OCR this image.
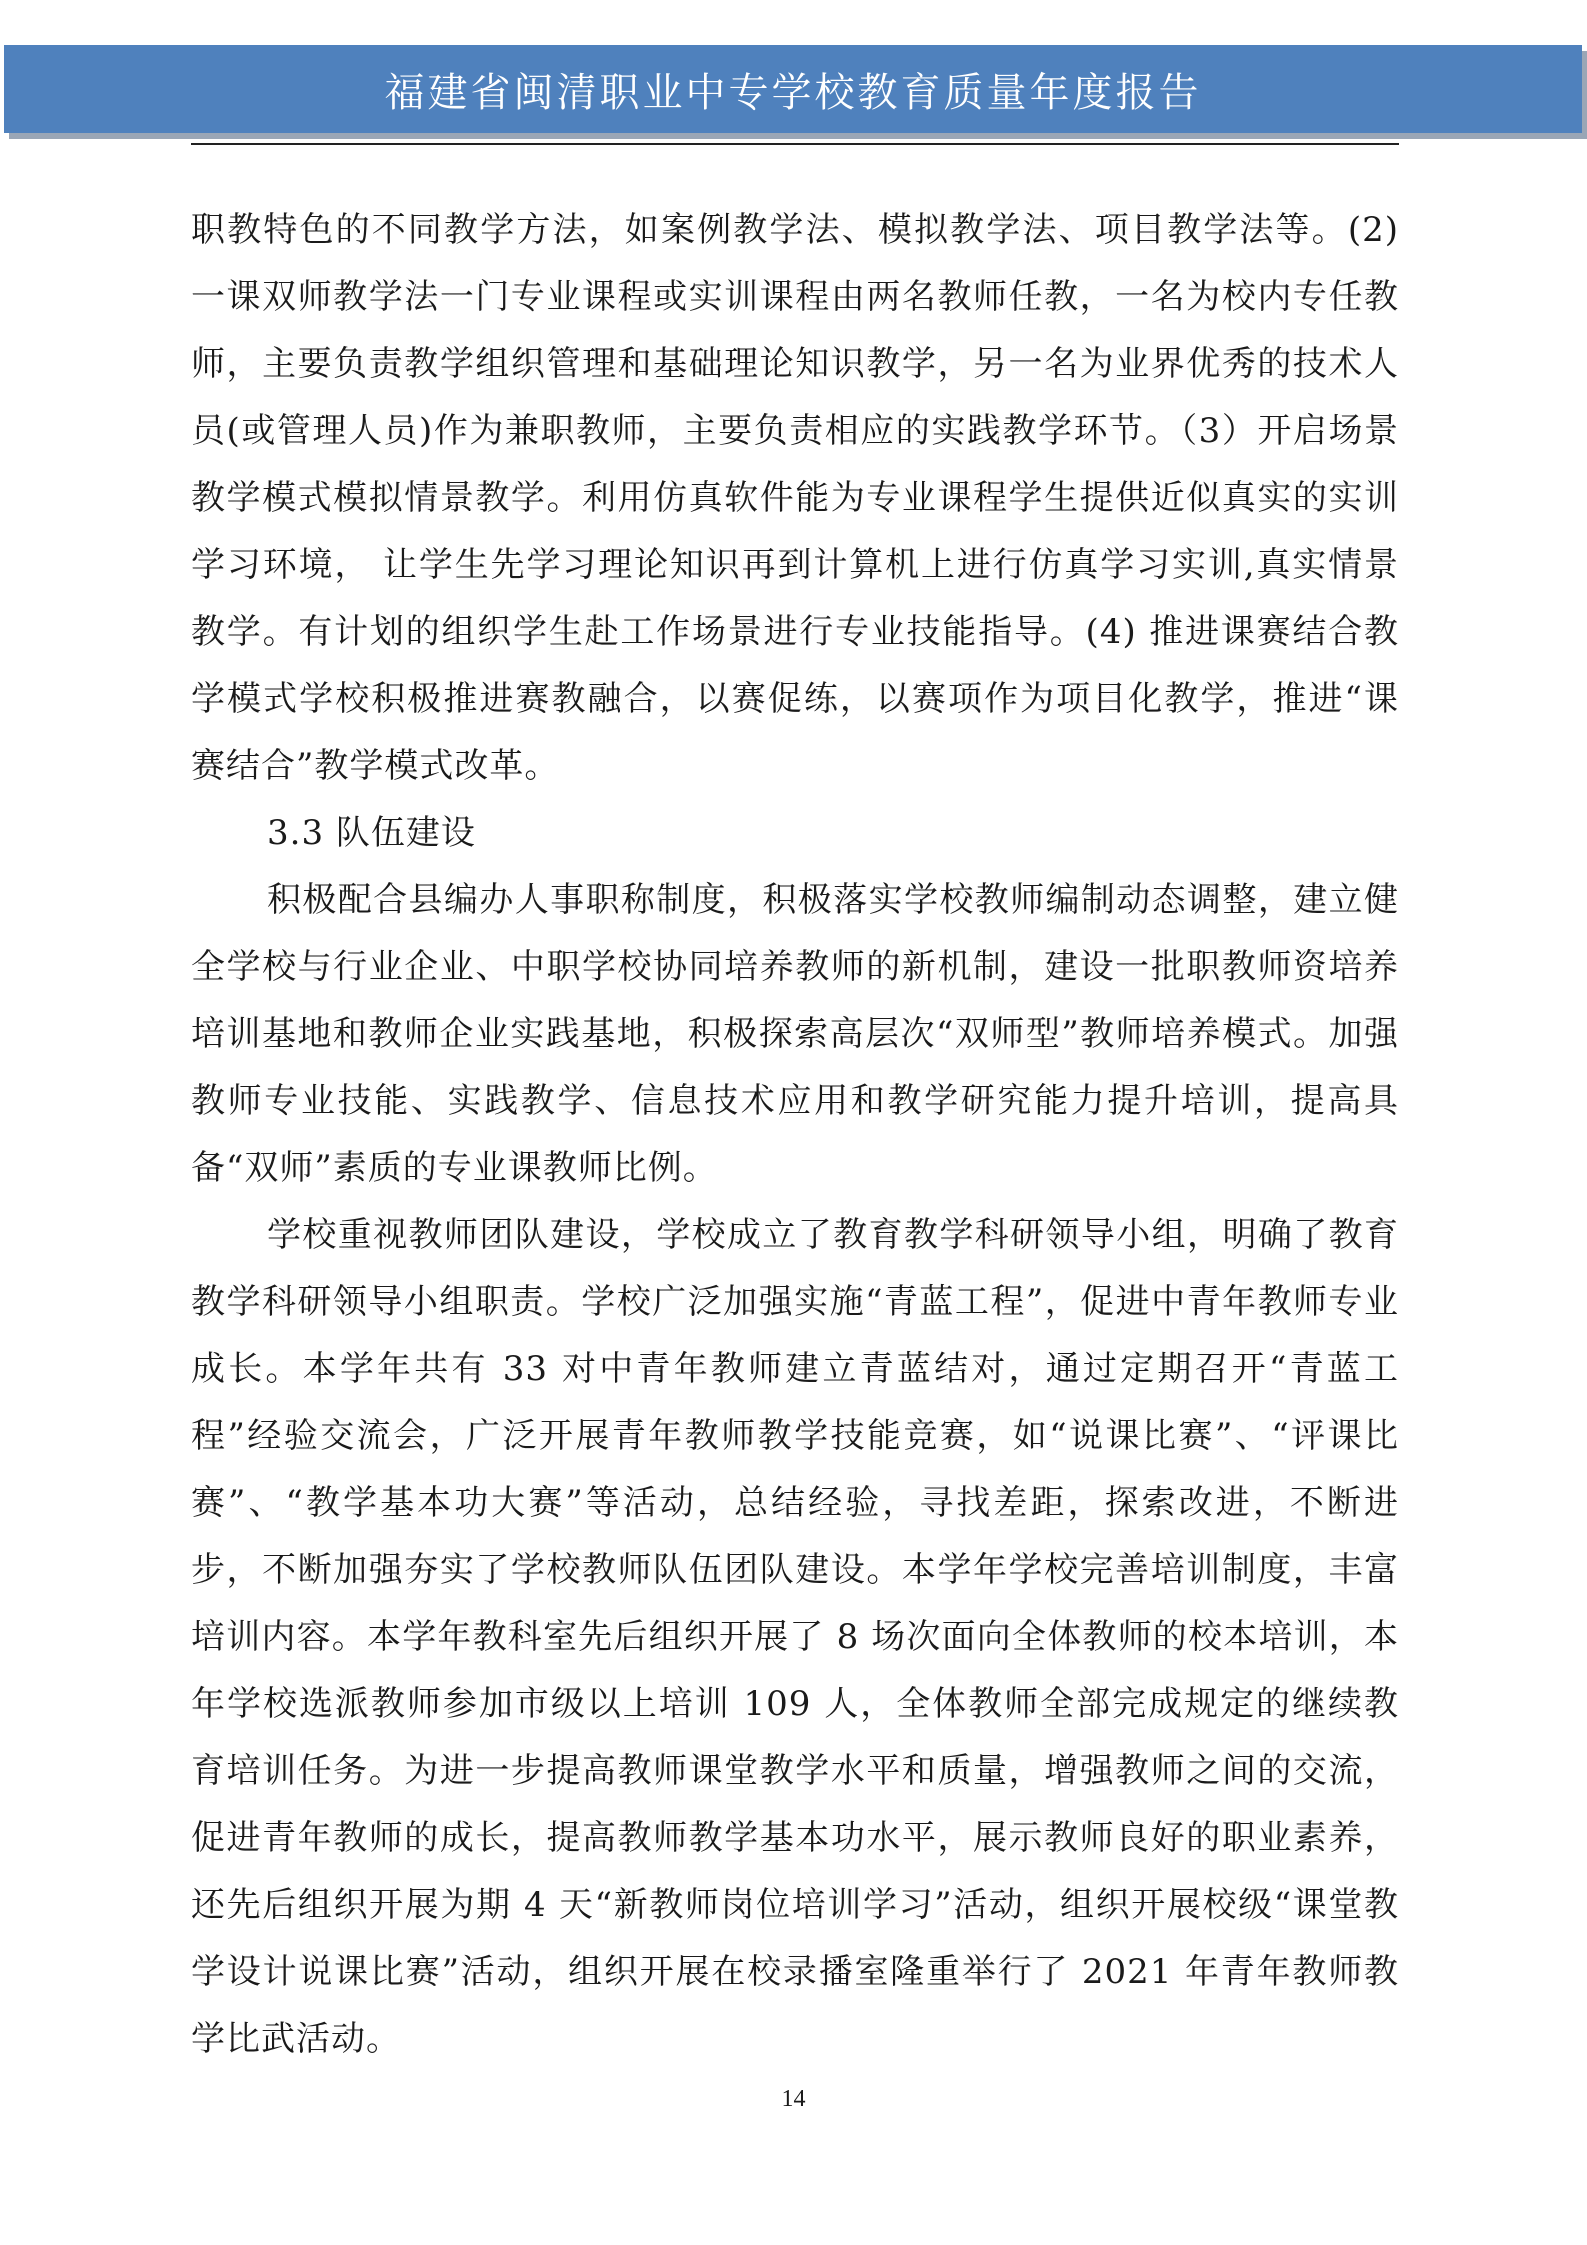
福建省闽清职业中专学校教育质量年度报告

职教特色的不同教学方法，如案例教学法、模拟教学法、项目教学法等。(2) 一课双师教学法一门专业课程或实训课程由两名教师任教，一名为校内专任教师，主要负责教学组织管理和基础理论知识教学，另一名为业界优秀的技术人员(或管理人员)作为兼职教师，主要负责相应的实践教学环节。（3）开启场景教学模式模拟情景教学。利用仿真软件能为专业课程学生提供近似真实的实训学习环境， 让学生先学习理论知识再到计算机上进行仿真学习实训,真实情景教学。有计划的组织学生赴工作场景进行专业技能指导。(4) 推进课赛结合教学模式学校积极推进赛教融合，以赛促练，以赛项作为项目化教学，推进“课赛结合”教学模式改革。

3.3 队伍建设

积极配合县编办人事职称制度，积极落实学校教师编制动态调整，建立健全学校与行业企业、中职学校协同培养教师的新机制，建设一批职教师资培养培训基地和教师企业实践基地，积极探索高层次“双师型”教师培养模式。加强教师专业技能、实践教学、信息技术应用和教学研究能力提升培训，提高具备“双师”素质的专业课教师比例。

学校重视教师团队建设，学校成立了教育教学科研领导小组，明确了教育教学科研领导小组职责。学校广泛加强实施“青蓝工程”，促进中青年教师专业成长。本学年共有 33 对中青年教师建立青蓝结对，通过定期召开“青蓝工程”经验交流会，广泛开展青年教师教学技能竞赛，如“说课比赛”、“评课比赛”、“教学基本功大赛”等活动，总结经验，寻找差距，探索改进，不断进步，不断加强夯实了学校教师队伍团队建设。本学年学校完善培训制度，丰富培训内容。本学年教科室先后组织开展了 8 场次面向全体教师的校本培训，本年学校选派教师参加市级以上培训 109 人，全体教师全部完成规定的继续教育培训任务。为进一步提高教师课堂教学水平和质量，增强教师之间的交流，促进青年教师的成长，提高教师教学基本功水平，展示教师良好的职业素养，还先后组织开展为期 4 天“新教师岗位培训学习”活动，组织开展校级“课堂教学设计说课比赛”活动，组织开展在校录播室隆重举行了 2021 年青年教师教学比武活动。

14
